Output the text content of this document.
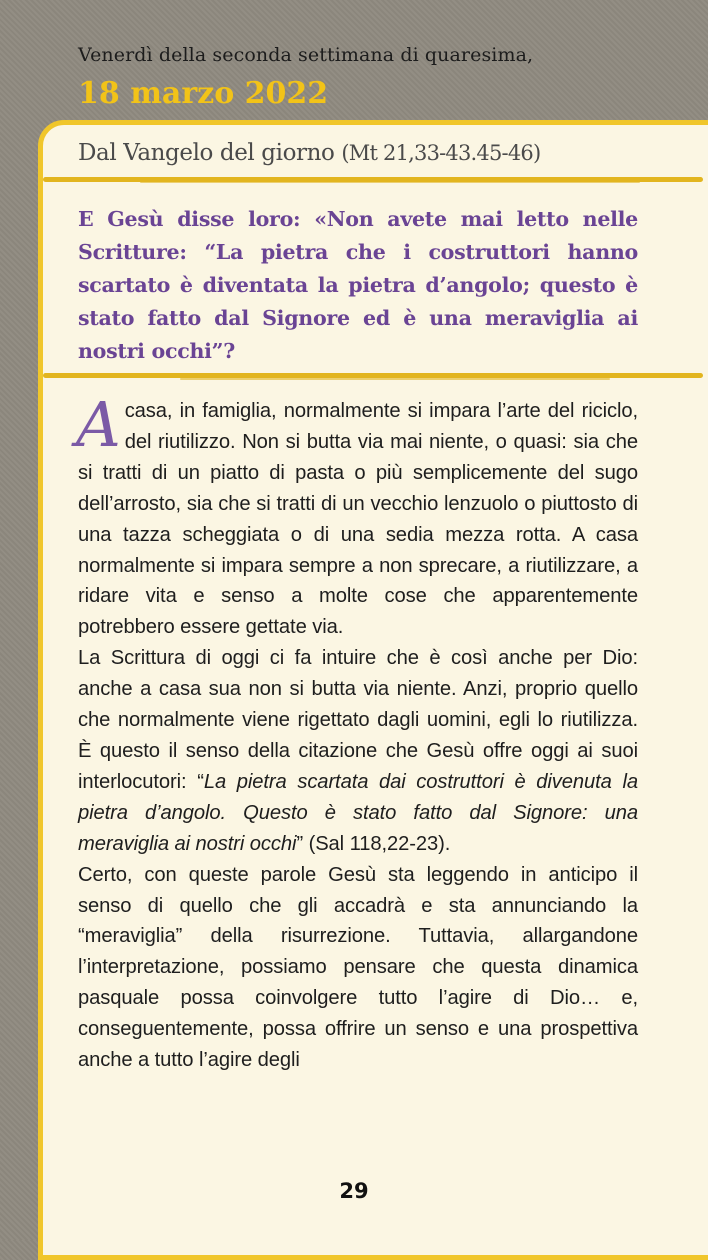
Venerdì della seconda settimana di quaresima,
18 marzo 2022
Dal Vangelo del giorno (Mt 21,33-43.45-46)
E Gesù disse loro: «Non avete mai letto nelle Scritture: “La pietra che i costruttori hanno scartato è diventata la pietra d’angolo; questo è stato fatto dal Signore ed è una meraviglia ai nostri occhi”?

Acasa, in famiglia, normalmente si impara l’arte del riciclo, del riutilizzo. Non si butta via mai niente, o quasi: sia che si tratti di un piatto di pasta o più semplicemente del sugo dell’arrosto, sia che si tratti di un vecchio lenzuolo o piuttosto di una tazza scheggiata o di una sedia mezza rotta. A casa normalmente si impara sempre a non sprecare, a riutilizzare, a ridare vita e senso a molte cose che apparentemente potrebbero essere gettate via.

La Scrittura di oggi ci fa intuire che è così anche per Dio: anche a casa sua non si butta via niente. Anzi, proprio quello che normalmente viene rigettato dagli uomini, egli lo riutilizza. È questo il senso della citazione che Gesù offre oggi ai suoi interlocutori: “La pietra scartata dai costruttori è divenuta la pietra d’angolo. Questo è stato fatto dal Signore: una meraviglia ai nostri occhi” (Sal 118,22-23).

Certo, con queste parole Gesù sta leggendo in anticipo il senso di quello che gli accadrà e sta annunciando la “meraviglia” della risurrezione. Tuttavia, allargandone l’interpretazione, possiamo pensare che questa dinamica pasquale possa coinvolgere tutto l’agire di Dio… e, conseguentemente, possa offrire un senso e una prospettiva anche a tutto l’agire degli

29
